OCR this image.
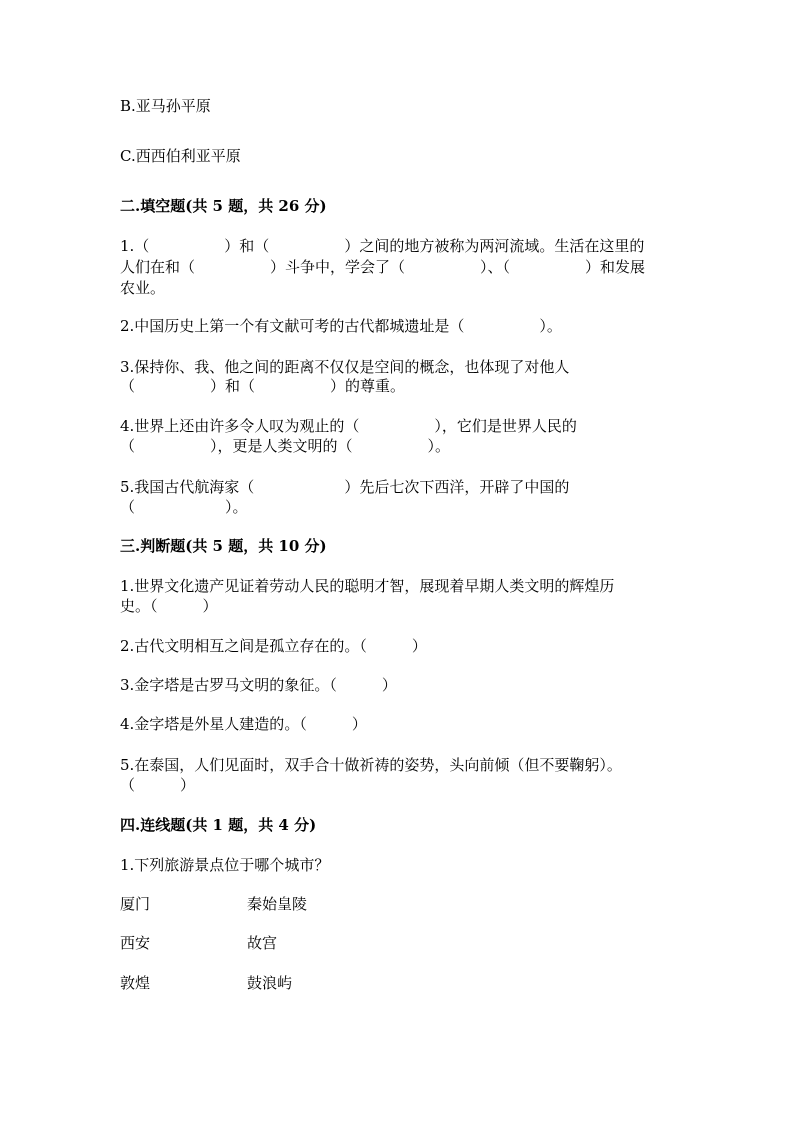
B.亚马孙平原
C.西西伯利亚平原
二.填空题(共 5 题，共 26 分)
1.（　　　　　）和（　　　　　）之间的地方被称为两河流域。生活在这里的
人们在和（　　　　　）斗争中，学会了（　　　　　）、（　　　　　）和发展
农业。
2.中国历史上第一个有文献可考的古代都城遗址是（　　　　　）。
3.保持你、我、他之间的距离不仅仅是空间的概念，也体现了对他人
（　　　　　）和（　　　　　）的尊重。
4.世界上还由许多令人叹为观止的（　　　　　），它们是世界人民的
（　　　　　），更是人类文明的（　　　　　）。
5.我国古代航海家（　　　　　　）先后七次下西洋，开辟了中国的
（　　　　　　）。
三.判断题(共 5 题，共 10 分)
1.世界文化遗产见证着劳动人民的聪明才智，展现着早期人类文明的辉煌历
史。（　　　）
2.古代文明相互之间是孤立存在的。（　　　）
3.金字塔是古罗马文明的象征。（　　　）
4.金字塔是外星人建造的。（　　　）
5.在泰国，人们见面时，双手合十做祈祷的姿势，头向前倾（但不要鞠躬）。
（　　　）
四.连线题(共 1 题，共 4 分)
1.下列旅游景点位于哪个城市？
厦门	秦始皇陵
西安	故宫
敦煌	鼓浪屿
